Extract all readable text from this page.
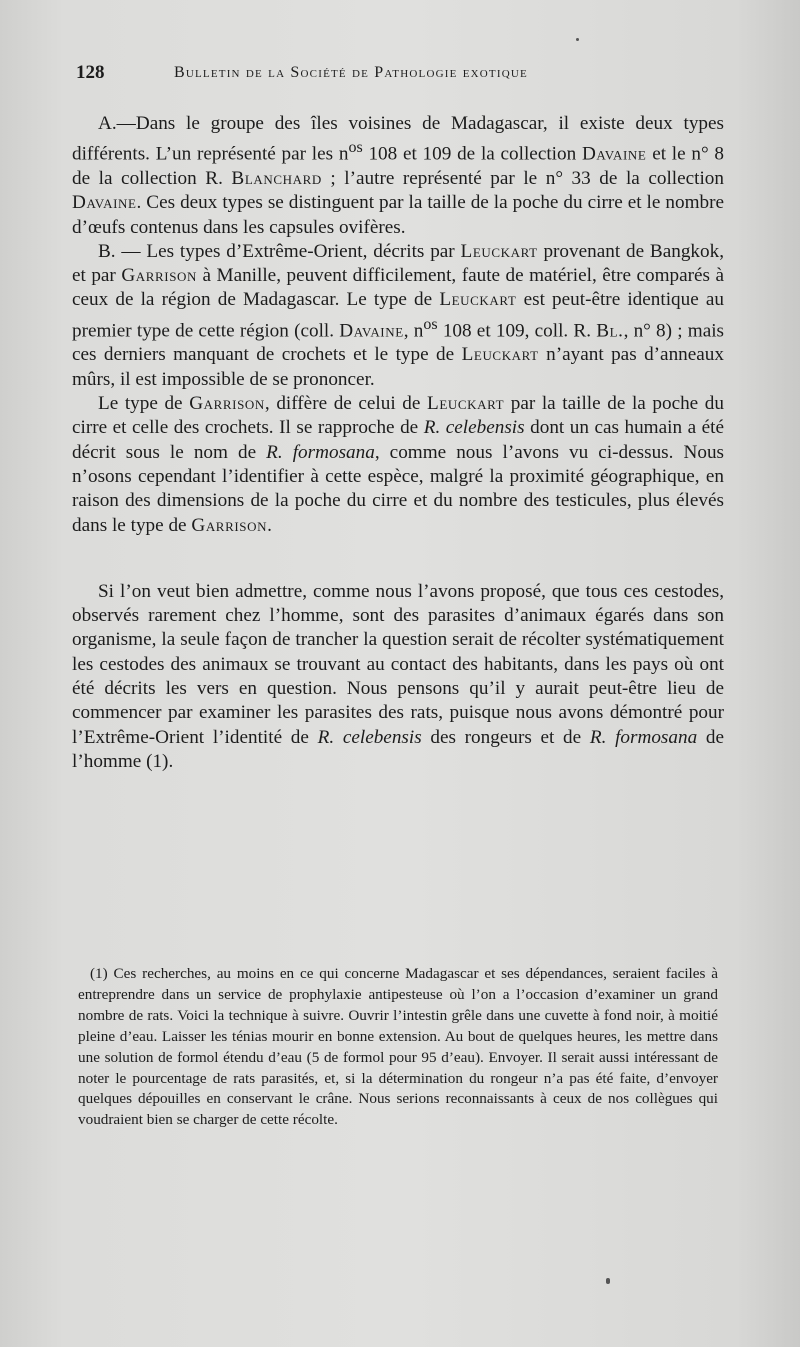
128	Bulletin de la Société de Pathologie exotique

A.—Dans le groupe des îles voisines de Madagascar, il existe deux types différents. L’un représenté par les $n^{os}$ 108 et 109 de la collection Davaine et le n° 8 de la collection R. Blanchard ; l’autre représenté par le n° 33 de la collection Davaine. Ces deux types se distinguent par la taille de la poche du cirre et le nombre d’œufs contenus dans les capsules ovifères.

B. — Les types d’Extrême-Orient, décrits par Leuckart provenant de Bangkok, et par Garrison à Manille, peuvent difficilement, faute de matériel, être comparés à ceux de la région de Madagascar. Le type de Leuckart est peut-être identique au premier type de cette région (coll. Davaine, $n^{os}$ 108 et 109, coll. R. Bl., n° 8) ; mais ces derniers manquant de crochets et le type de Leuckart n’ayant pas d’anneaux mûrs, il est impossible de se prononcer.

Le type de Garrison, diffère de celui de Leuckart par la taille de la poche du cirre et celle des crochets. Il se rapproche de R. celebensis dont un cas humain a été décrit sous le nom de R. formosana, comme nous l’avons vu ci-dessus. Nous n’osons cependant l’identifier à cette espèce, malgré la proximité géographique, en raison des dimensions de la poche du cirre et du nombre des testicules, plus élevés dans le type de Garrison.

Si l’on veut bien admettre, comme nous l’avons proposé, que tous ces cestodes, observés rarement chez l’homme, sont des parasites d’animaux égarés dans son organisme, la seule façon de trancher la question serait de récolter systématiquement les cestodes des animaux se trouvant au contact des habitants, dans les pays où ont été décrits les vers en question. Nous pensons qu’il y aurait peut-être lieu de commencer par examiner les parasites des rats, puisque nous avons démontré pour l’Extrême-Orient l’identité de R. celebensis des rongeurs et de R. formosana de l’homme (1).

(1) Ces recherches, au moins en ce qui concerne Madagascar et ses dépendances, seraient faciles à entreprendre dans un service de prophylaxie antipesteuse où l’on a l’occasion d’examiner un grand nombre de rats. Voici la technique à suivre. Ouvrir l’intestin grêle dans une cuvette à fond noir, à moitié pleine d’eau. Laisser les ténias mourir en bonne extension. Au bout de quelques heures, les mettre dans une solution de formol étendu d’eau (5 de formol pour 95 d’eau). Envoyer. Il serait aussi intéressant de noter le pourcentage de rats parasités, et, si la détermination du rongeur n’a pas été faite, d’envoyer quelques dépouilles en conservant le crâne. Nous serions reconnaissants à ceux de nos collègues qui voudraient bien se charger de cette récolte.
